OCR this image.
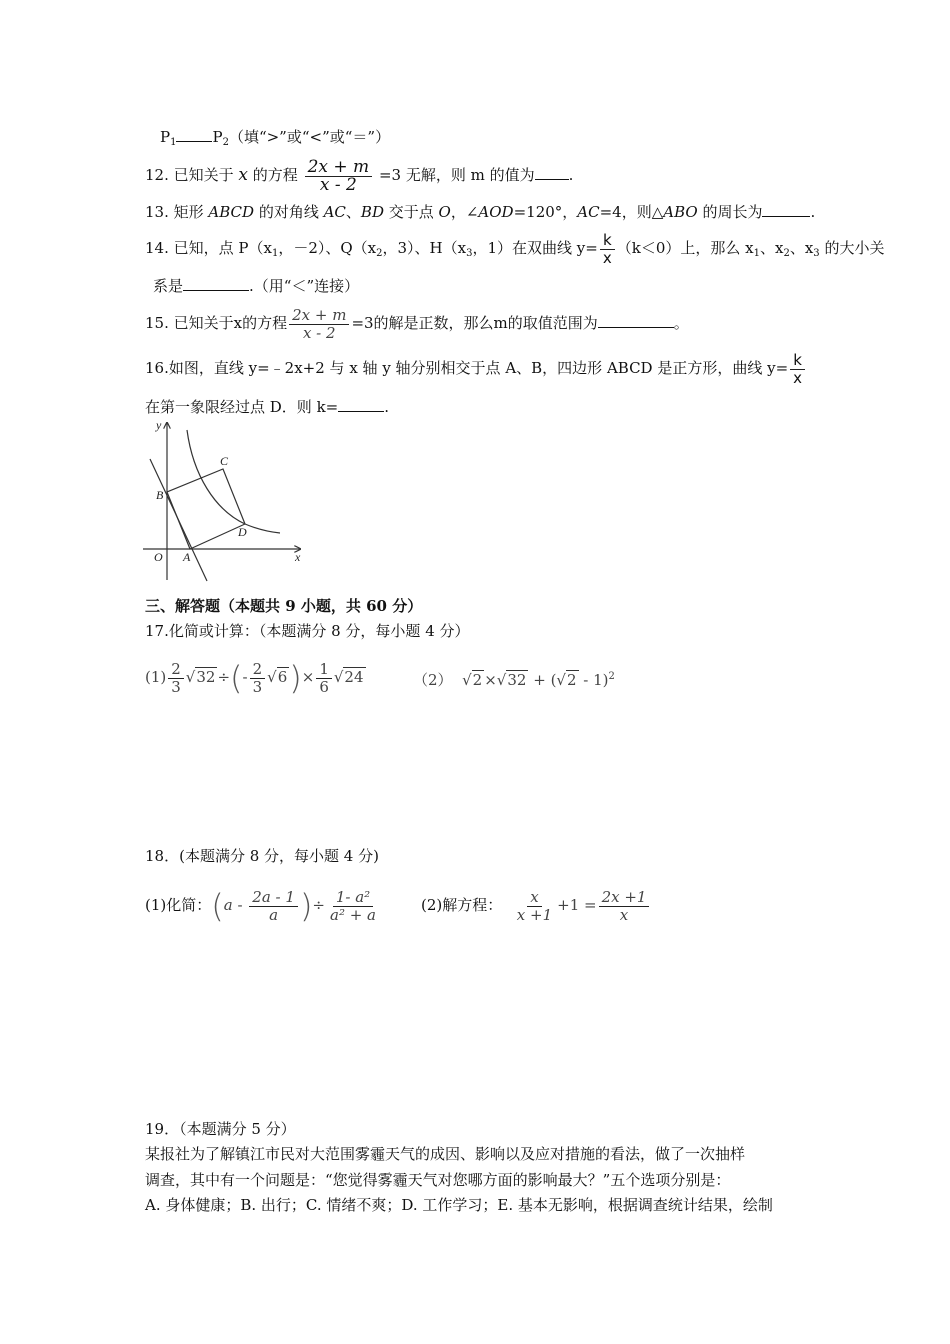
$P_1$ $P_2$（填“>”或“<”或“＝”）
12. 已知关于 x 的方程 $\frac{2x + m}{x - 2} =3$ 无解，则 m 的值为 .
13. 矩形 ABCD 的对角线 AC、BD 交于点 O，∠AOD=120°，AC=4，则△ABO 的周长为	.
14. 已知，点 $P(x_1$，－2）、$Q(x_2$，3）、$H(x_3$，1）在双曲线 $y= \frac{k}{x} (k<0)$上，那么 $x_1$、$x_2$、$x_3$ 的大小关
系是	.（用“＜”连接）
15. 已知关于x的方程 $\frac{2x + m}{x - 2} =3$的解是正数，那么m的取值范围为	。
16.如图，直线 y=﹣2x+2 与 x 轴 y 轴分别相交于点 A、B，四边形 ABCD 是正方形，曲线 $y= \frac{k}{x}$
在第一象限经过点 D．则 k=	.
y
x
O A
B
C
D
三、解答题（本题共 9 小题，共 60 分）
17.化简或计算：（本题满分 8 分，每小题 4 分）
$(1) \frac{2}{3} √32$ ÷(- $\frac{2}{3} √6)\times \frac{1}{6} √24$	（2） √2 ×√32 + (√2 - 1)$^2$
18．(本题满分 8 分，每小题 4 分)
(1)化简：($a - \frac{2a - 1}{a}$ )÷ $\frac{\text{1- a²}}{\text{a² + a}}$	(2)解方程： $\frac{x}{x +1} +1 = \frac{2x +1}{x}$
19．（本题满分 5 分）
某报社为了解镇江市民对大范围雾霾天气的成因、影响以及应对措施的看法，做了一次抽样
调查，其中有一个问题是：“您觉得雾霾天气对您哪方面的影响最大？”五个选项分别是：
A. 身体健康；B. 出行；C. 情绪不爽；D. 工作学习；E. 基本无影响，根据调查统计结果，绘制
